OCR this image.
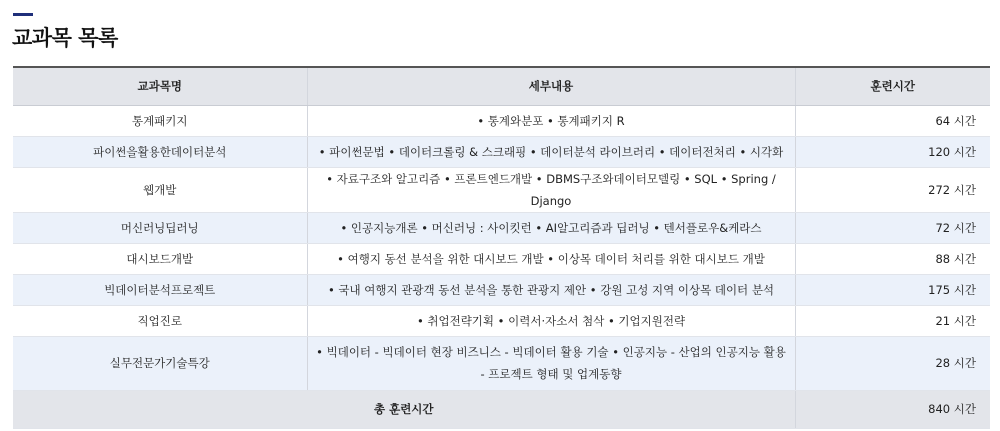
교과목 목록
교과목명	세부내용	훈련시간
통계패키지	• 통계와분포 • 통계패키지 R	64 시간
파이썬을활용한데이터분석	• 파이썬문법 • 데이터크롤링 & 스크래핑 • 데이터분석 라이브러리 • 데이터전처리 • 시각화	120 시간
웹개발	• 자료구조와 알고리즘 • 프론트엔드개발 • DBMS구조와데이터모델링 • SQL • Spring / Django	272 시간
머신러닝딥러닝	• 인공지능개론 • 머신러닝 : 사이킷런 • AI알고리즘과 딥러닝 • 텐서플로우&케라스	72 시간
대시보드개발	• 여행지 동선 분석을 위한 대시보드 개발 • 이상목 데이터 처리를 위한 대시보드 개발	88 시간
빅데이터분석프로젝트	• 국내 여행지 관광객 동선 분석을 통한 관광지 제안 • 강원 고성 지역 이상목 데이터 분석	175 시간
직업진로	• 취업전략기획 • 이력서·자소서 첨삭 • 기업지원전략	21 시간
실무전문가기술특강	• 빅데이터 - 빅데이터 현장 비즈니스 - 빅데이터 활용 기술 • 인공지능 - 산업의 인공지능 활용 - 프로젝트 형태 및 업계동향	28 시간
총 훈련시간		840 시간
